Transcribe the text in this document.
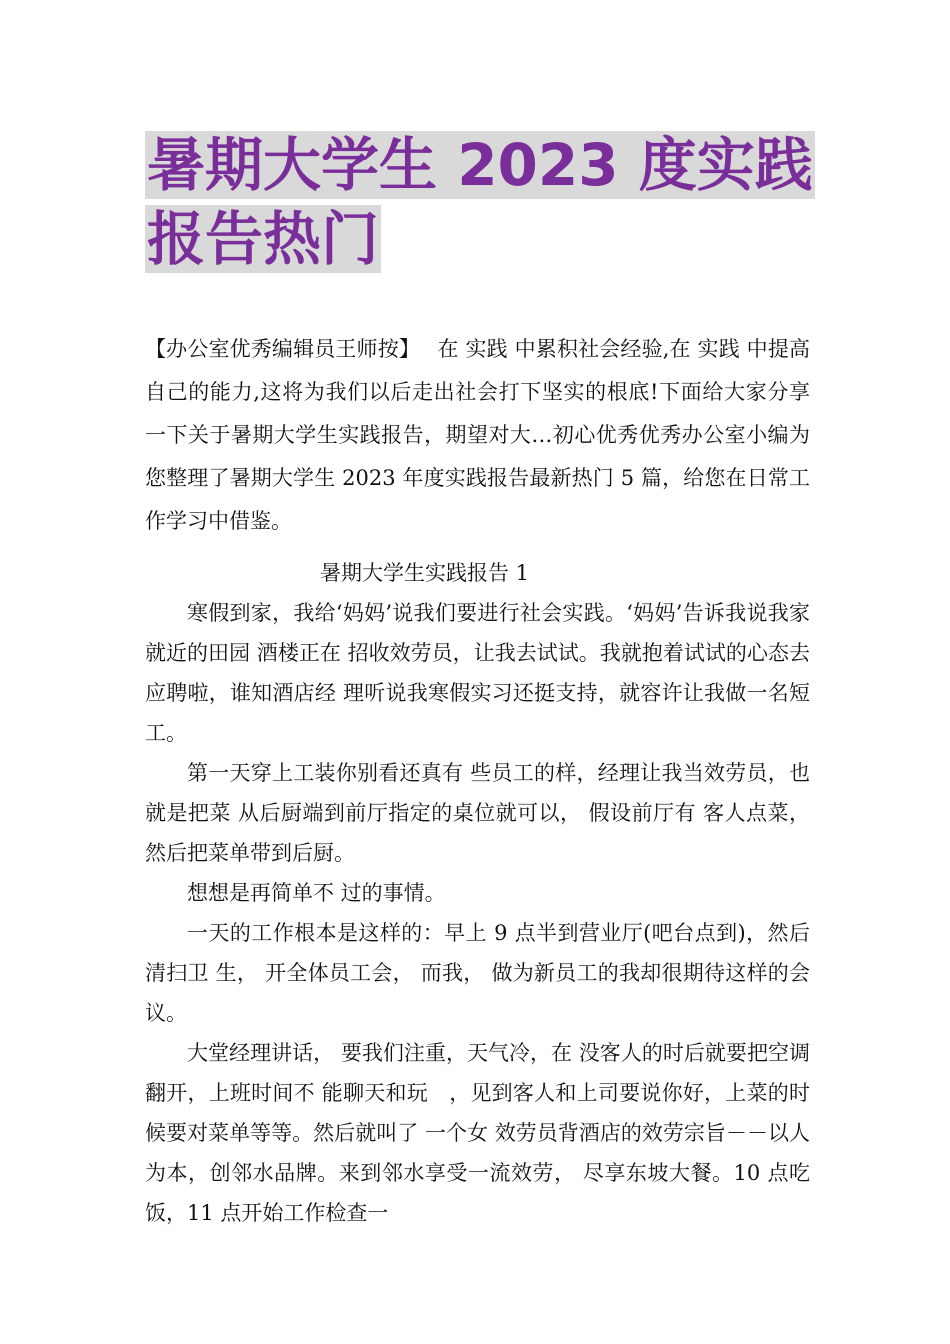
暑期大学生 2023 度实践报告热门

【办公室优秀编辑员王师按】　 在 实践 中累积社会经验,在 实践 中提高自己的能力,这将为我们以后走出社会打下坚实的根底!下面给大家分享一下关于暑期大学生实践报告，期望对大…初心优秀优秀办公室小编为您整理了暑期大学生 2023 年度实践报告最新热门 5 篇，给您在日常工作学习中借鉴。

暑期大学生实践报告 1

寒假到家，我给‘妈妈’说我们要进行社会实践。‘妈妈’告诉我说我家就近的田园 酒楼正在 招收效劳员，让我去试试。我就抱着试试的心态去应聘啦，谁知酒店经 理听说我寒假实习还挺支持，就容许让我做一名短工。

第一天穿上工装你别看还真有 些员工的样，经理让我当效劳员，也就是把菜 从后厨端到前厅指定的桌位就可以， 假设前厅有 客人点菜， 然后把菜单带到后厨。

想想是再简单不 过的事情。

一天的工作根本是这样的：早上 9 点半到营业厅(吧台点到)，然后清扫卫 生， 开全体员工会， 而我， 做为新员工的我却很期待这样的会议。

大堂经理讲话， 要我们注重，天气冷，在 没客人的时后就要把空调翻开，上班时间不 能聊天和玩　，见到客人和上司要说你好，上菜的时候要对菜单等等。然后就叫了 一个女 效劳员背酒店的效劳宗旨－－以人为本，创邻水品牌。来到邻水享受一流效劳， 尽享东坡大餐。10 点吃饭，11 点开始工作检查一
